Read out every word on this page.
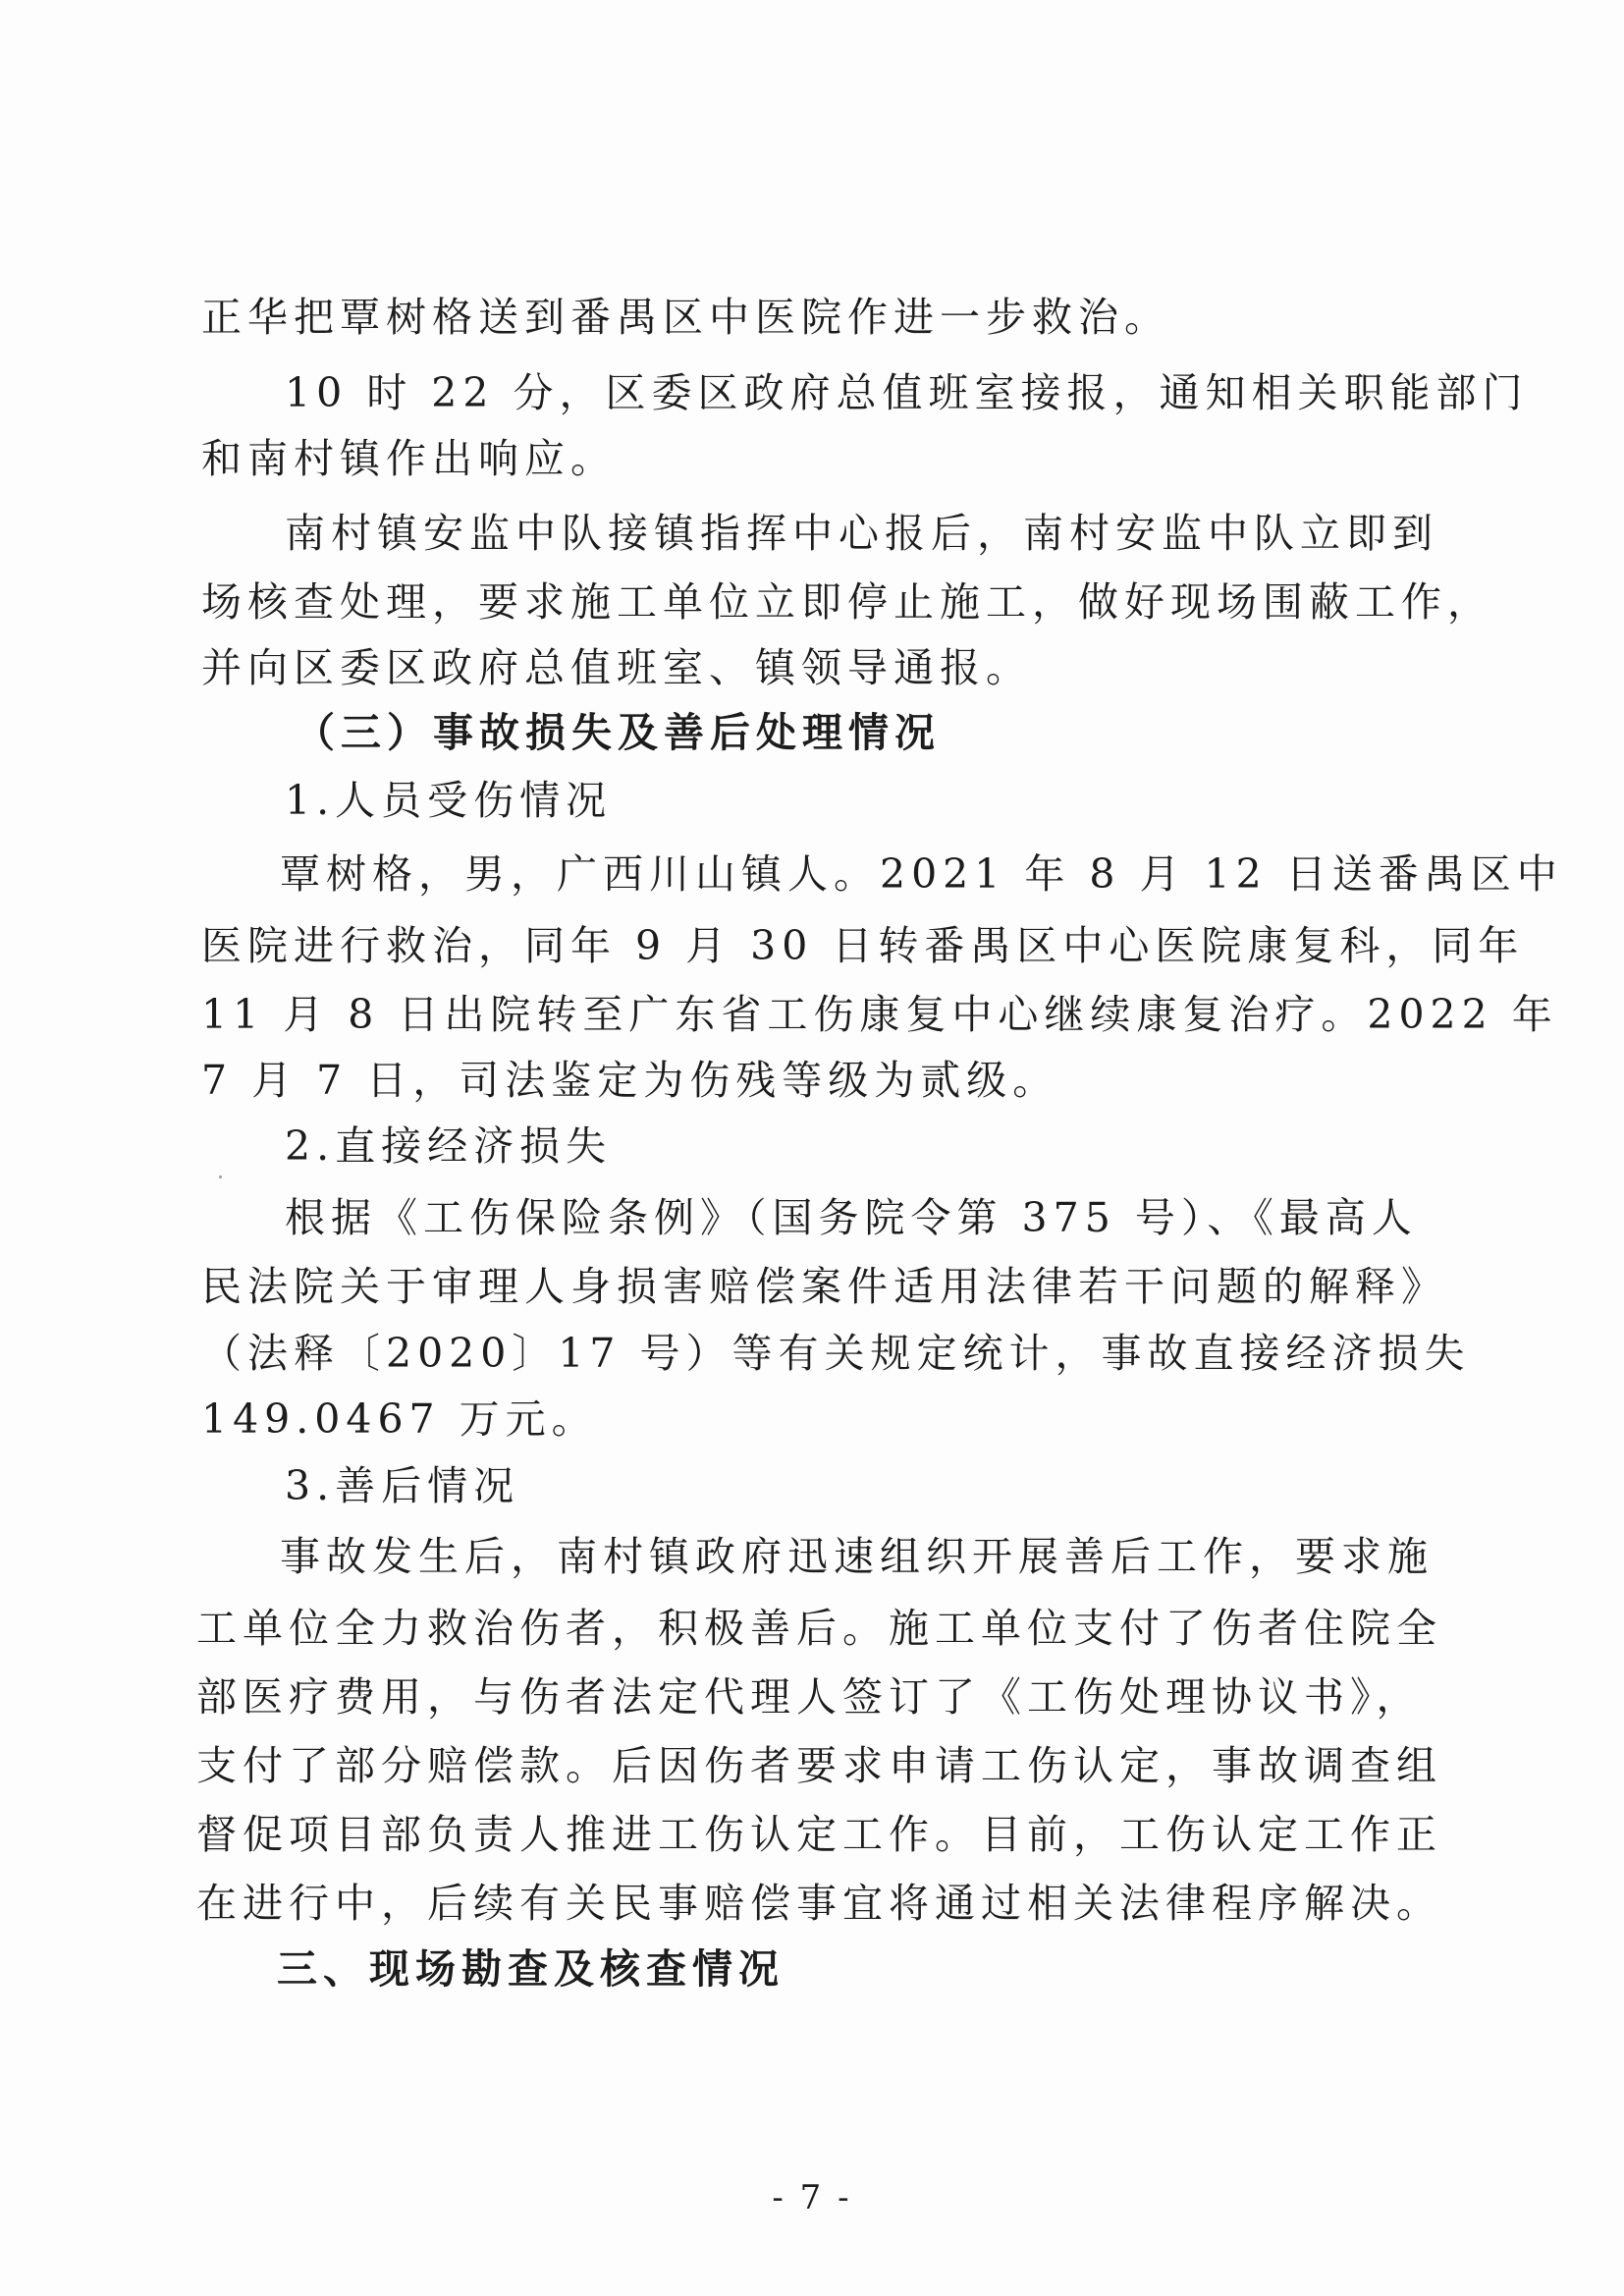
正华把覃树格送到番禺区中医院作进一步救治。
10 时 22 分，区委区政府总值班室接报，通知相关职能部门
和南村镇作出响应。
南村镇安监中队接镇指挥中心报后，南村安监中队立即到
场核查处理，要求施工单位立即停止施工，做好现场围蔽工作，
并向区委区政府总值班室、镇领导通报。
（三）事故损失及善后处理情况
1.人员受伤情况
覃树格，男，广西川山镇人。2021 年 8 月 12 日送番禺区中
医院进行救治，同年 9 月 30 日转番禺区中心医院康复科，同年
11 月 8 日出院转至广东省工伤康复中心继续康复治疗。2022 年
7 月 7 日，司法鉴定为伤残等级为贰级。
2.直接经济损失
根据《工伤保险条例》（国务院令第 375 号）、《最高人
民法院关于审理人身损害赔偿案件适用法律若干问题的解释》
（法释〔2020〕17 号）等有关规定统计，事故直接经济损失
149.0467 万元。
3.善后情况
事故发生后，南村镇政府迅速组织开展善后工作，要求施
工单位全力救治伤者，积极善后。施工单位支付了伤者住院全
部医疗费用，与伤者法定代理人签订了《工伤处理协议书》，
支付了部分赔偿款。后因伤者要求申请工伤认定，事故调查组
督促项目部负责人推进工伤认定工作。目前，工伤认定工作正
在进行中，后续有关民事赔偿事宜将通过相关法律程序解决。
三、现场勘查及核查情况
- 7 -
